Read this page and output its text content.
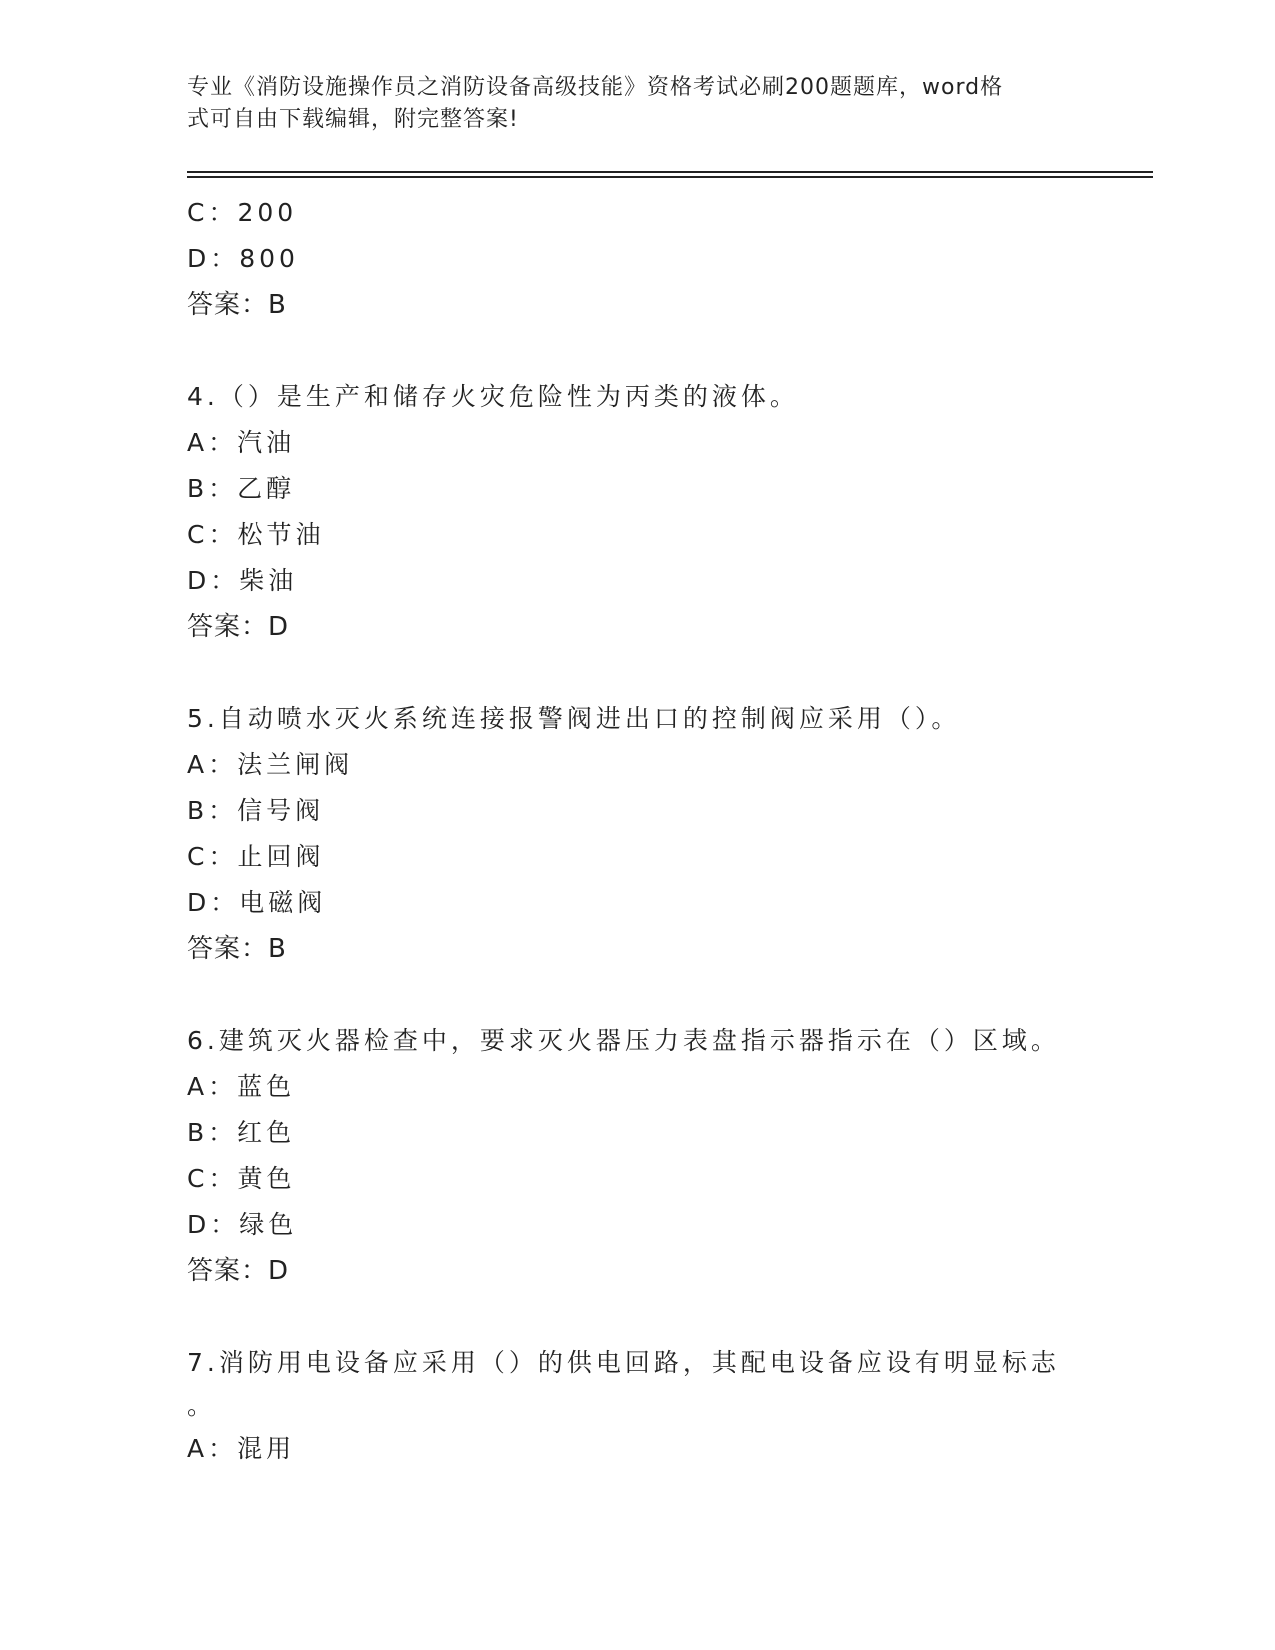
专业《消防设施操作员之消防设备高级技能》资格考试必刷200题题库，word格
式可自由下载编辑，附完整答案!
C：200
D：800
答案：B
4.（）是生产和储存火灾危险性为丙类的液体。
A：汽油
B：乙醇
C：松节油
D：柴油
答案：D
5.自动喷水灭火系统连接报警阀进出口的控制阀应采用（）。
A：法兰闸阀
B：信号阀
C：止回阀
D：电磁阀
答案：B
6.建筑灭火器检查中，要求灭火器压力表盘指示器指示在（）区域。
A：蓝色
B：红色
C：黄色
D：绿色
答案：D
7.消防用电设备应采用（）的供电回路，其配电设备应设有明显标志
。
A：混用
